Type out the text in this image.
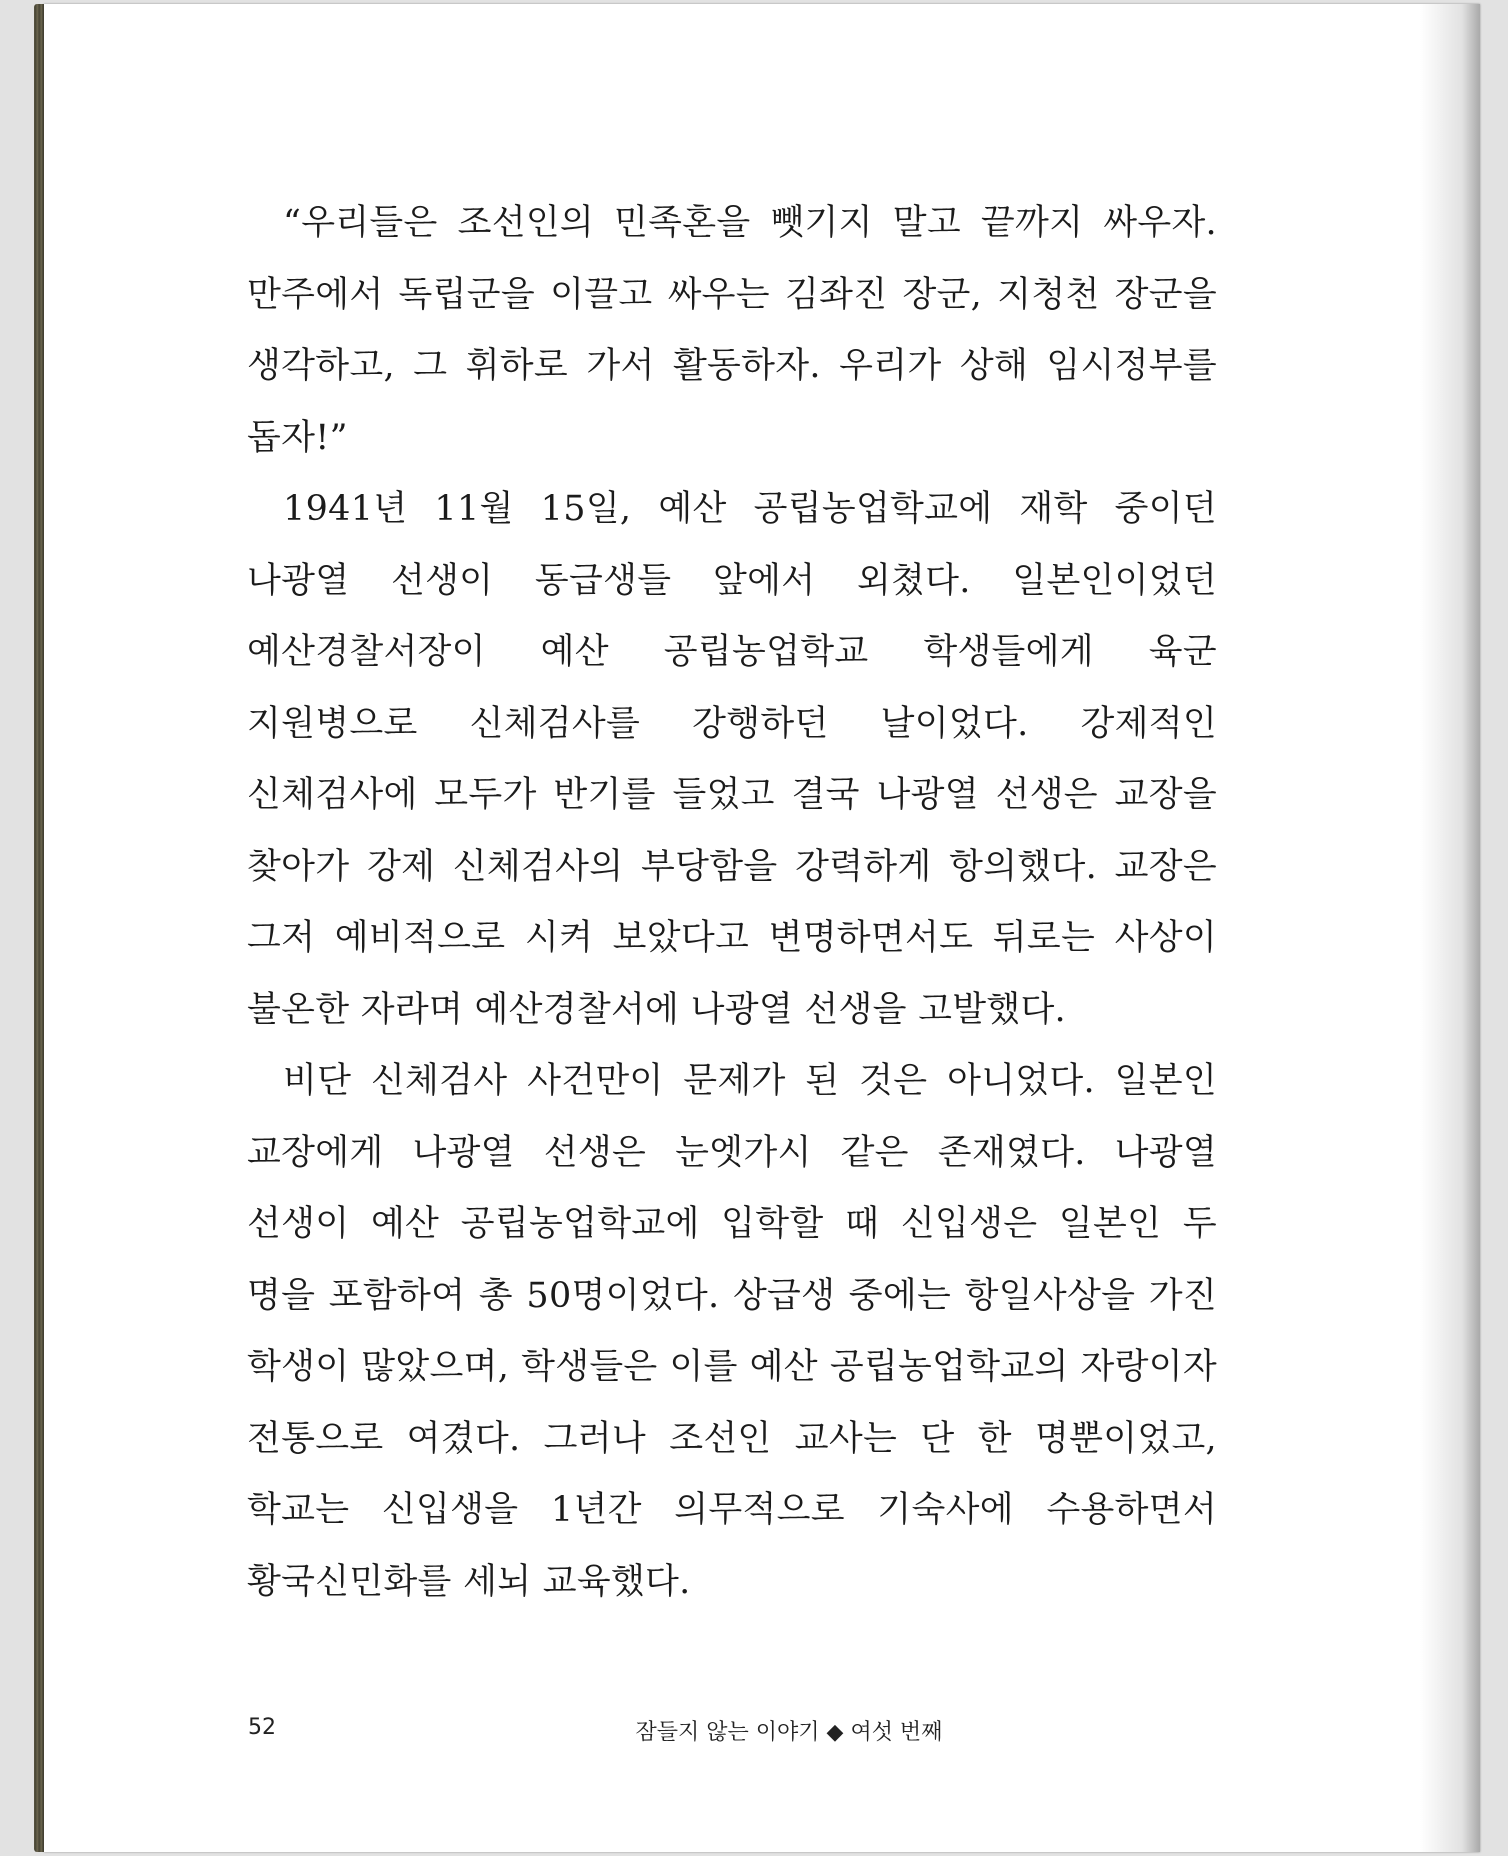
“우리들은 조선인의 민족혼을 뺏기지 말고 끝까지 싸우자. 만주에서 독립군을 이끌고 싸우는 김좌진 장군, 지청천 장군을 생각하고, 그 휘하로 가서 활동하자. 우리가 상해 임시정부를 돕자!”

1941년 11월 15일, 예산 공립농업학교에 재학 중이던 나광열 선생이 동급생들 앞에서 외쳤다. 일본인이었던 예산경찰서장이 예산 공립농업학교 학생들에게 육군 지원병으로 신체검사를 강행하던 날이었다. 강제적인 신체검사에 모두가 반기를 들었고 결국 나광열 선생은 교장을 찾아가 강제 신체검사의 부당함을 강력하게 항의했다. 교장은 그저 예비적으로 시켜 보았다고 변명하면서도 뒤로는 사상이 불온한 자라며 예산경찰서에 나광열 선생을 고발했다.

비단 신체검사 사건만이 문제가 된 것은 아니었다. 일본인 교장에게 나광열 선생은 눈엣가시 같은 존재였다. 나광열 선생이 예산 공립농업학교에 입학할 때 신입생은 일본인 두 명을 포함하여 총 50명이었다. 상급생 중에는 항일사상을 가진 학생이 많았으며, 학생들은 이를 예산 공립농업학교의 자랑이자 전통으로 여겼다. 그러나 조선인 교사는 단 한 명뿐이었고, 학교는 신입생을 1년간 의무적으로 기숙사에 수용하면서 황국신민화를 세뇌 교육했다.

52	잠들지 않는 이야기 ◆ 여섯 번째
